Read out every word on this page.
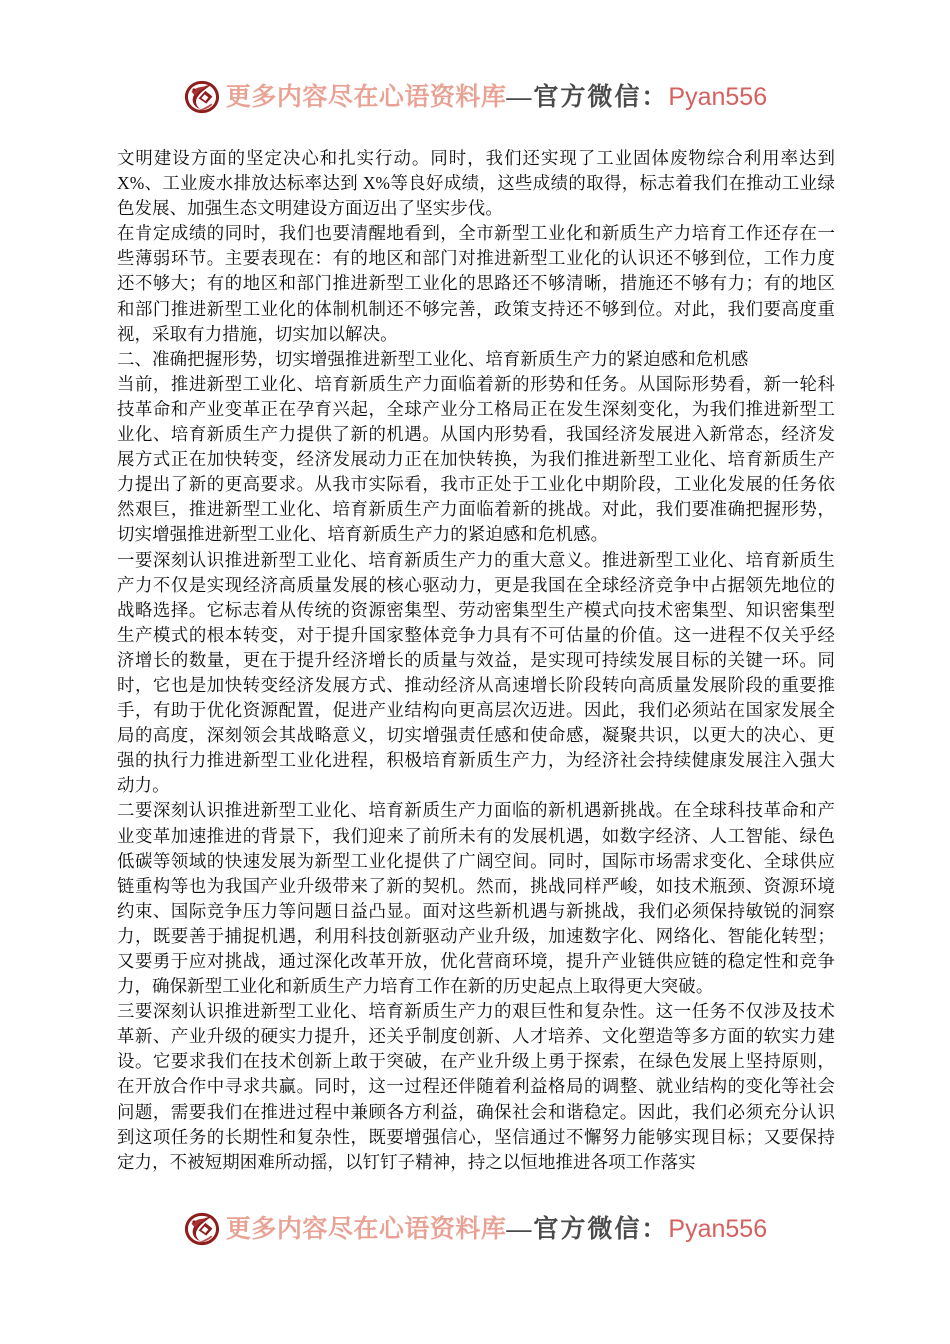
更多内容尽在心语资料库—官方微信：Pyan556

文明建设方面的坚定决心和扎实行动。同时，我们还实现了工业固体废物综合利用率达到X%、工业废水排放达标率达到 X%等良好成绩，这些成绩的取得，标志着我们在推动工业绿色发展、加强生态文明建设方面迈出了坚实步伐。

在肯定成绩的同时，我们也要清醒地看到，全市新型工业化和新质生产力培育工作还存在一些薄弱环节。主要表现在：有的地区和部门对推进新型工业化的认识还不够到位，工作力度还不够大；有的地区和部门推进新型工业化的思路还不够清晰，措施还不够有力；有的地区和部门推进新型工业化的体制机制还不够完善，政策支持还不够到位。对此，我们要高度重视，采取有力措施，切实加以解决。

二、准确把握形势，切实增强推进新型工业化、培育新质生产力的紧迫感和危机感

当前，推进新型工业化、培育新质生产力面临着新的形势和任务。从国际形势看，新一轮科技革命和产业变革正在孕育兴起，全球产业分工格局正在发生深刻变化，为我们推进新型工业化、培育新质生产力提供了新的机遇。从国内形势看，我国经济发展进入新常态，经济发展方式正在加快转变，经济发展动力正在加快转换，为我们推进新型工业化、培育新质生产力提出了新的更高要求。从我市实际看，我市正处于工业化中期阶段，工业化发展的任务依然艰巨，推进新型工业化、培育新质生产力面临着新的挑战。对此，我们要准确把握形势，切实增强推进新型工业化、培育新质生产力的紧迫感和危机感。

一要深刻认识推进新型工业化、培育新质生产力的重大意义。推进新型工业化、培育新质生产力不仅是实现经济高质量发展的核心驱动力，更是我国在全球经济竞争中占据领先地位的战略选择。它标志着从传统的资源密集型、劳动密集型生产模式向技术密集型、知识密集型生产模式的根本转变，对于提升国家整体竞争力具有不可估量的价值。这一进程不仅关乎经济增长的数量，更在于提升经济增长的质量与效益，是实现可持续发展目标的关键一环。同时，它也是加快转变经济发展方式、推动经济从高速增长阶段转向高质量发展阶段的重要推手，有助于优化资源配置，促进产业结构向更高层次迈进。因此，我们必须站在国家发展全局的高度，深刻领会其战略意义，切实增强责任感和使命感，凝聚共识，以更大的决心、更强的执行力推进新型工业化进程，积极培育新质生产力，为经济社会持续健康发展注入强大动力。

二要深刻认识推进新型工业化、培育新质生产力面临的新机遇新挑战。在全球科技革命和产业变革加速推进的背景下，我们迎来了前所未有的发展机遇，如数字经济、人工智能、绿色低碳等领域的快速发展为新型工业化提供了广阔空间。同时，国际市场需求变化、全球供应链重构等也为我国产业升级带来了新的契机。然而，挑战同样严峻，如技术瓶颈、资源环境约束、国际竞争压力等问题日益凸显。面对这些新机遇与新挑战，我们必须保持敏锐的洞察力，既要善于捕捉机遇，利用科技创新驱动产业升级，加速数字化、网络化、智能化转型；又要勇于应对挑战，通过深化改革开放，优化营商环境，提升产业链供应链的稳定性和竞争力，确保新型工业化和新质生产力培育工作在新的历史起点上取得更大突破。

三要深刻认识推进新型工业化、培育新质生产力的艰巨性和复杂性。这一任务不仅涉及技术革新、产业升级的硬实力提升，还关乎制度创新、人才培养、文化塑造等多方面的软实力建设。它要求我们在技术创新上敢于突破，在产业升级上勇于探索，在绿色发展上坚持原则，在开放合作中寻求共赢。同时，这一过程还伴随着利益格局的调整、就业结构的变化等社会问题，需要我们在推进过程中兼顾各方利益，确保社会和谐稳定。因此，我们必须充分认识到这项任务的长期性和复杂性，既要增强信心，坚信通过不懈努力能够实现目标；又要保持定力，不被短期困难所动摇，以钉钉子精神，持之以恒地推进各项工作落实

更多内容尽在心语资料库—官方微信：Pyan556
